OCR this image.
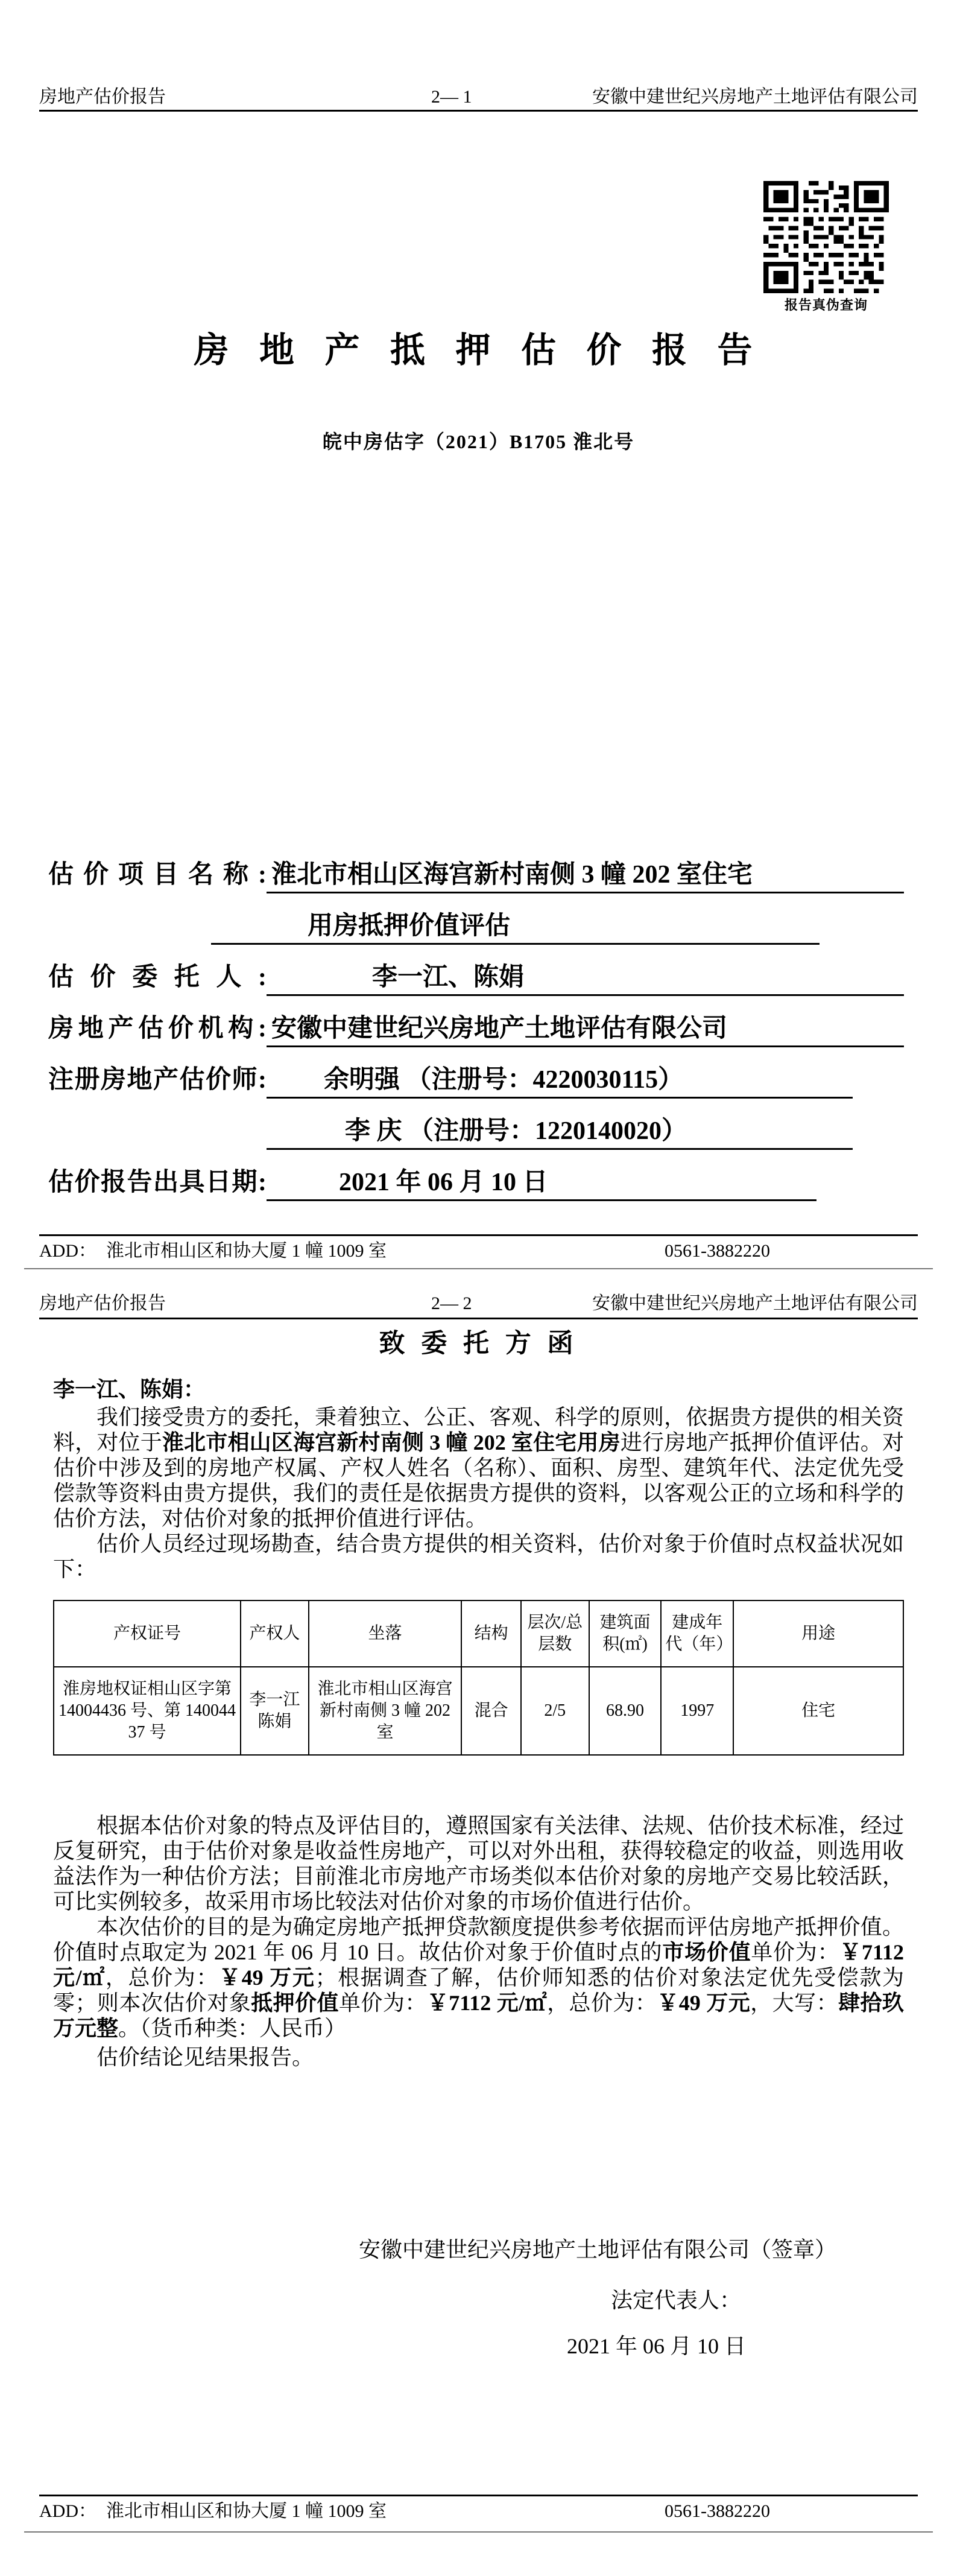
房地产估价报告	2— 1	安徽中建世纪兴房地产土地评估有限公司
报告真伪查询
房 地 产 抵 押 估 价 报 告
皖中房估字（2021）B1705 淮北号
估价项目名称: 淮北市相山区海宫新村南侧 3 幢 202 室住宅
用房抵押价值评估
估价委托人:	李一江、陈娟
房地产估价机构: 安徽中建世纪兴房地产土地评估有限公司
注册房地产估价师:	余明强 （注册号：4220030115）
李 庆 （注册号：1220140020）
估价报告出具日期:	2021 年 06 月 10 日
ADD： 淮北市相山区和协大厦 1 幢 1009 室	0561-3882220
房地产估价报告	2— 2	安徽中建世纪兴房地产土地评估有限公司
致 委 托 方 函
李一江、陈娟：

我们接受贵方的委托，秉着独立、公正、客观、科学的原则，依据贵方提供的相关资料，对位于淮北市相山区海宫新村南侧 3 幢 202 室住宅用房进行房地产抵押价值评估。对估价中涉及到的房地产权属、产权人姓名（名称）、面积、房型、建筑年代、法定优先受偿款等资料由贵方提供，我们的责任是依据贵方提供的资料，以客观公正的立场和科学的估价方法，对估价对象的抵押价值进行评估。

估价人员经过现场勘查，结合贵方提供的相关资料，估价对象于价值时点权益状况如下：

产权证号	产权人	坐落	结构	层次/总层数	建筑面积(㎡)	建成年代（年）	用途
淮房地权证相山区字第 14004436 号、第 14004437 号	李一江 陈娟	淮北市相山区海宫新村南侧 3 幢 202 室	混合	2/5	68.90	1997	住宅

根据本估价对象的特点及评估目的，遵照国家有关法律、法规、估价技术标准，经过反复研究，由于估价对象是收益性房地产，可以对外出租，获得较稳定的收益，则选用收益法作为一种估价方法；目前淮北市房地产市场类似本估价对象的房地产交易比较活跃，可比实例较多，故采用市场比较法对估价对象的市场价值进行估价。

本次估价的目的是为确定房地产抵押贷款额度提供参考依据而评估房地产抵押价值。价值时点取定为 2021 年 06 月 10 日。故估价对象于价值时点的市场价值单价为：￥7112 元/㎡，总价为：￥49 万元；根据调查了解，估价师知悉的估价对象法定优先受偿款为零；则本次估价对象抵押价值单价为：￥7112 元/㎡，总价为：￥49 万元，大写：肆拾玖万元整。（货币种类：人民币）

估价结论见结果报告。

安徽中建世纪兴房地产土地评估有限公司（签章）
法定代表人：
2021 年 06 月 10 日
ADD： 淮北市相山区和协大厦 1 幢 1009 室	0561-3882220
